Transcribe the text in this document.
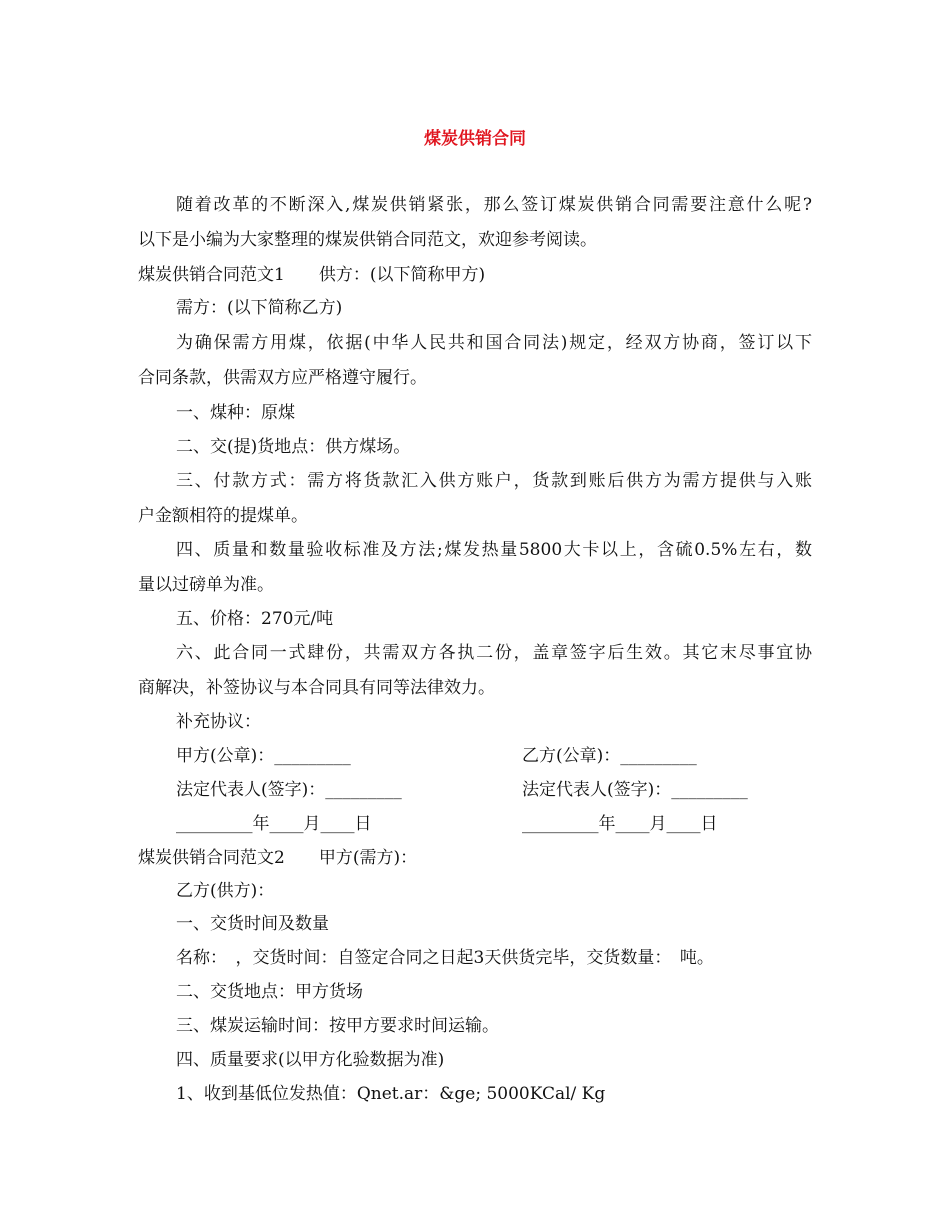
煤炭供销合同

随着改革的不断深入,煤炭供销紧张，那么签订煤炭供销合同需要注意什么呢?

以下是小编为大家整理的煤炭供销合同范文，欢迎参考阅读。

煤炭供销合同范文1　　供方：(以下简称甲方)

需方：(以下简称乙方)

为确保需方用煤，依据(中华人民共和国合同法)规定，经双方协商，签订以下

合同条款，供需双方应严格遵守履行。

一、煤种：原煤

二、交(提)货地点：供方煤场。

三、付款方式：需方将货款汇入供方账户，货款到账后供方为需方提供与入账

户金额相符的提煤单。

四、质量和数量验收标准及方法;煤发热量5800大卡以上，含硫0.5%左右，数

量以过磅单为准。

五、价格：270元/吨

六、此合同一式肆份，共需双方各执二份，盖章签字后生效。其它末尽事宜协

商解决，补签协议与本合同具有同等法律效力。

补充协议：

甲方(公章)：_________	乙方(公章)：_________

法定代表人(签字)：_________	法定代表人(签字)：_________

_________年____月____日	_________年____月____日

煤炭供销合同范文2　　甲方(需方)：

乙方(供方)：

一、交货时间及数量

名称：　，交货时间：自签定合同之日起3天供货完毕，交货数量：　吨。

二、交货地点：甲方货场

三、煤炭运输时间：按甲方要求时间运输。

四、质量要求(以甲方化验数据为准)

1、收到基低位发热值：Qnet.ar：&ge; 5000KCal/ Kg
